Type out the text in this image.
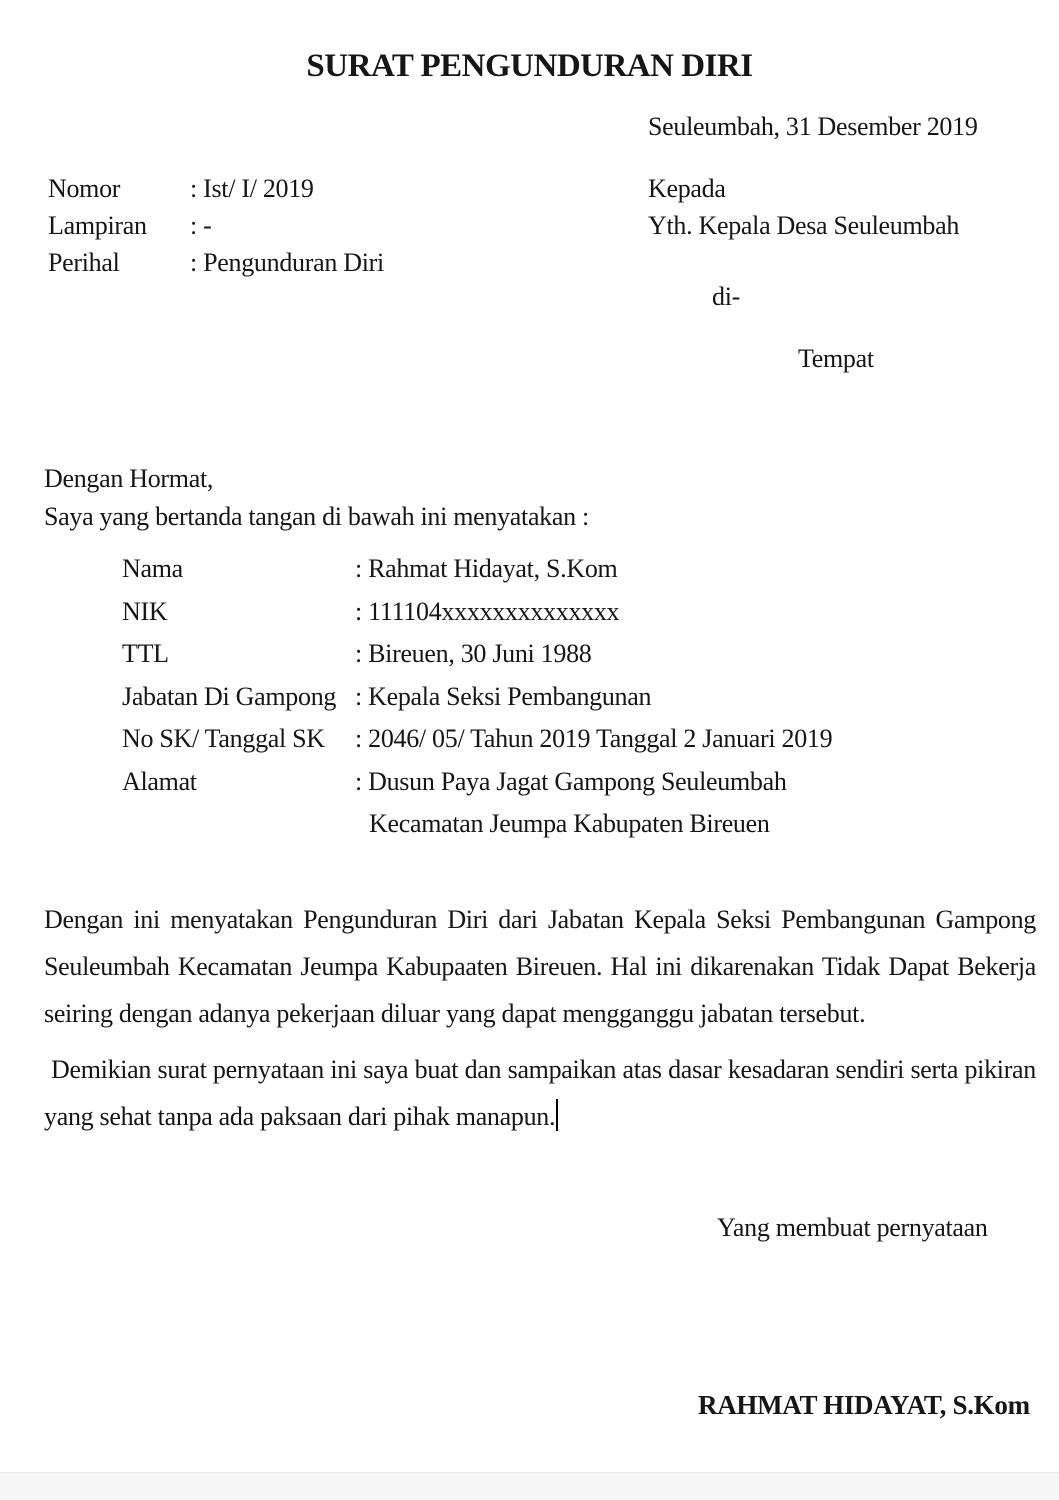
SURAT PENGUNDURAN DIRI
Seuleumbah, 31 Desember 2019
Nomor	: Ist/ I/ 2019
Lampiran	: -
Perihal	: Pengunduran Diri
Kepada
Yth. Kepala Desa Seuleumbah
di-
Tempat
Dengan Hormat,
Saya yang bertanda tangan di bawah ini menyatakan :
Nama	: Rahmat Hidayat, S.Kom
NIK	: 111104xxxxxxxxxxxxxx
TTL	: Bireuen, 30 Juni 1988
Jabatan Di Gampong : Kepala Seksi Pembangunan
No SK/ Tanggal SK	: 2046/ 05/ Tahun 2019 Tanggal 2 Januari 2019
Alamat	: Dusun Paya Jagat Gampong Seuleumbah
Kecamatan Jeumpa Kabupaten Bireuen
Dengan ini menyatakan Pengunduran Diri dari Jabatan Kepala Seksi Pembangunan Gampong Seuleumbah Kecamatan Jeumpa Kabupaaten Bireuen. Hal ini dikarenakan Tidak Dapat Bekerja seiring dengan adanya pekerjaan diluar yang dapat mengganggu jabatan tersebut.
Demikian surat pernyataan ini saya buat dan sampaikan atas dasar kesadaran sendiri serta pikiran yang sehat tanpa ada paksaan dari pihak manapun.
Yang membuat pernyataan
RAHMAT HIDAYAT, S.Kom
